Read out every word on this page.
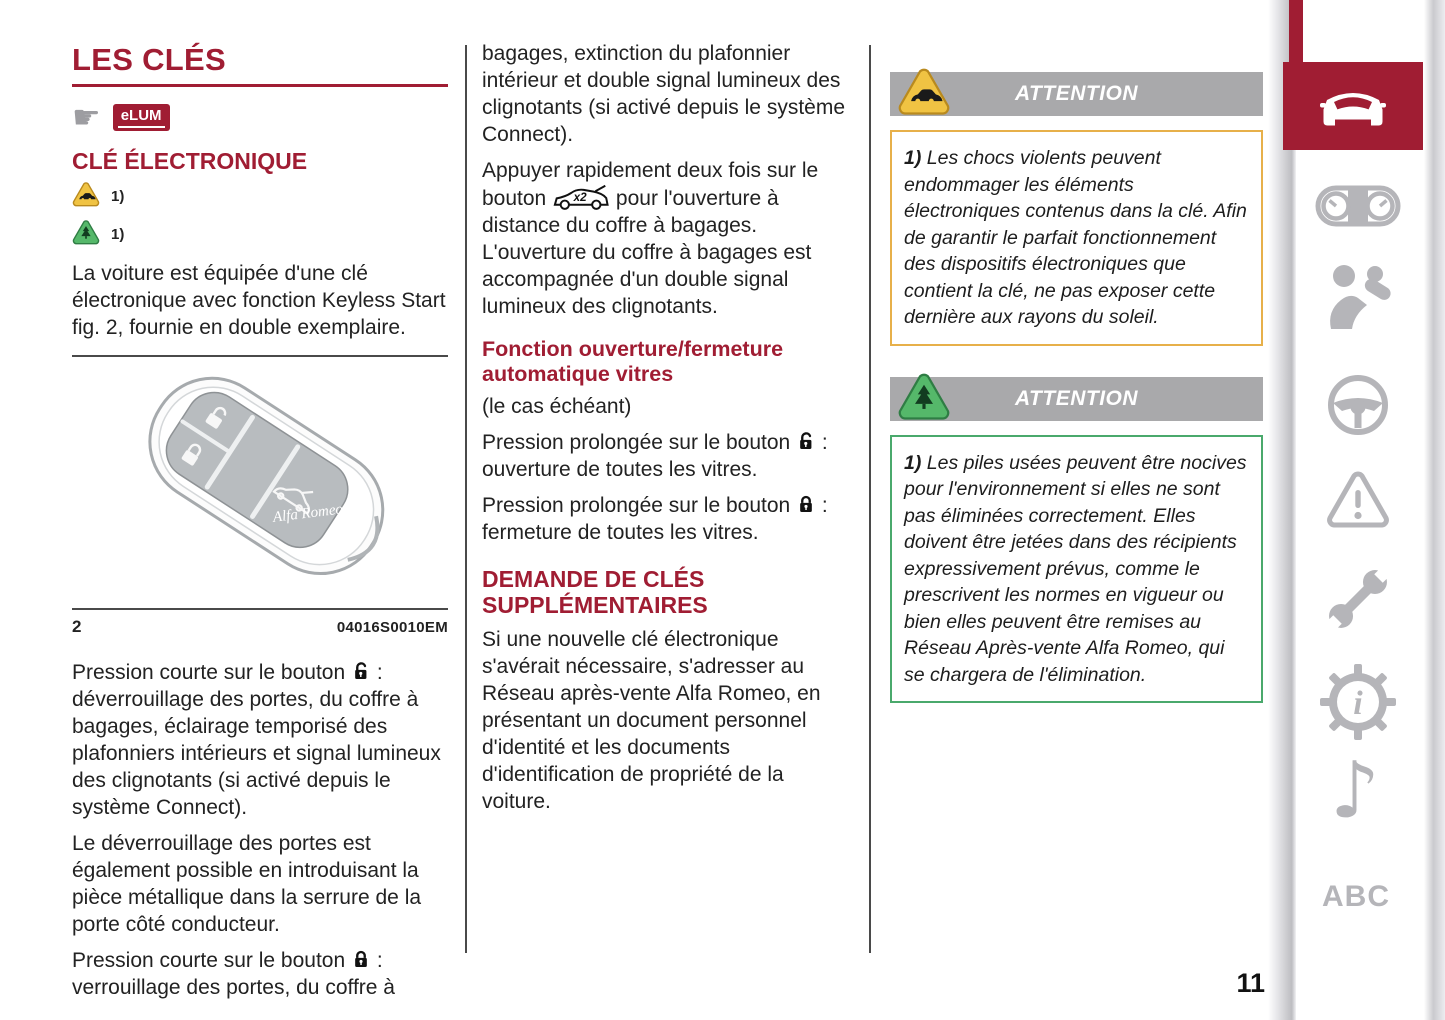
LES CLÉS
☛	eLUM
CLÉ ÉLECTRONIQUE
1)
1)

La voiture est équipée d'une clé électronique avec fonction Keyless Start fig. 2, fournie en double exemplaire.

Alfa Romeo
2	04016S0010EM

Pression courte sur le bouton  : déverrouillage des portes, du coffre à bagages, éclairage temporisé des plafonniers intérieurs et signal lumineux des clignotants (si activé depuis le système Connect).

Le déverrouillage des portes est également possible en introduisant la pièce métallique dans la serrure de la porte côté conducteur.

Pression courte sur le bouton  : verrouillage des portes, du coffre à

bagages, extinction du plafonnier intérieur et double signal lumineux des clignotants (si activé depuis le système Connect).

Appuyer rapidement deux fois sur le bouton x2 pour l'ouverture à distance du coffre à bagages. L'ouverture du coffre à bagages est accompagnée d'un double signal lumineux des clignotants.

Fonction ouverture/fermeture automatique vitres

(le cas échéant)

Pression prolongée sur le bouton  : ouverture de toutes les vitres.

Pression prolongée sur le bouton  : fermeture de toutes les vitres.

DEMANDE DE CLÉS SUPPLÉMENTAIRES

Si une nouvelle clé électronique s'avérait nécessaire, s'adresser au Réseau après-vente Alfa Romeo, en présentant un document personnel d'identité et les documents d'identification de propriété de la voiture.

ATTENTION
1) Les chocs violents peuvent endommager les éléments électroniques contenus dans la clé. Afin de garantir le parfait fonctionnement des dispositifs électroniques que contient la clé, ne pas exposer cette dernière aux rayons du soleil.
ATTENTION
1) Les piles usées peuvent être nocives pour l'environnement si elles ne sont pas éliminées correctement. Elles doivent être jetées dans des récipients expressivement prévus, comme le prescrivent les normes en vigueur ou bien elles peuvent être remises au Réseau Après-vente Alfa Romeo, qui se chargera de l'élimination.
i
♪
ABC
11
